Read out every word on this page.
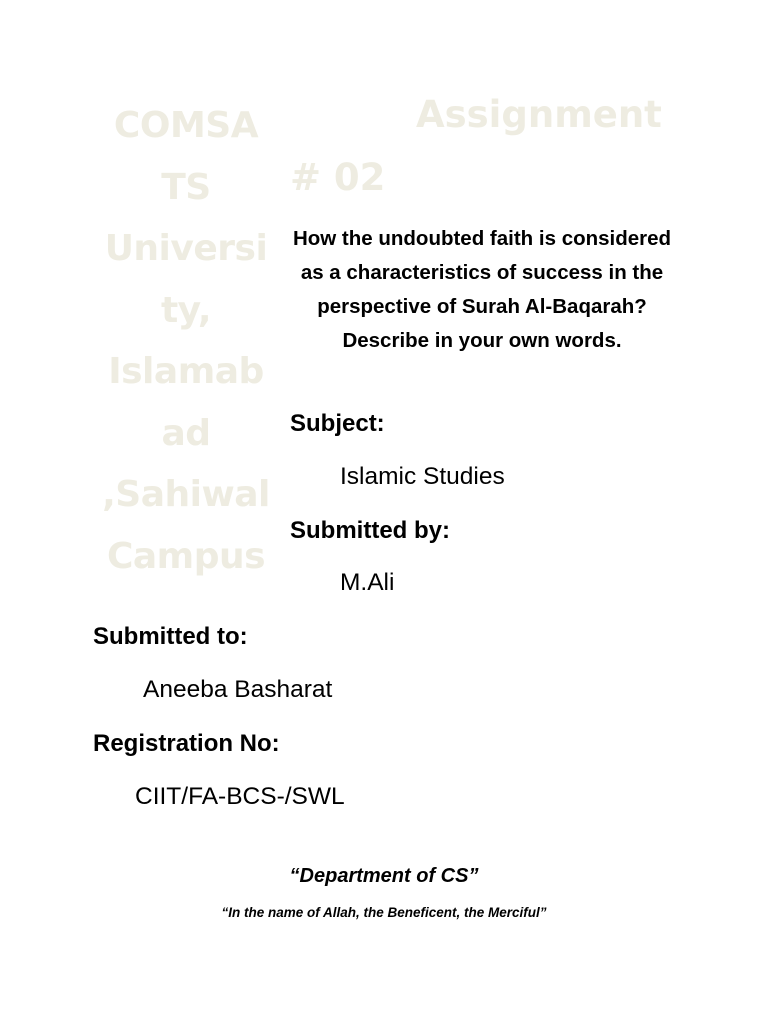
COMSA
TS
Universi
ty,
Islamab
ad
,Sahiwal
Campus
Assignment
# 02
How the undoubted faith is considered as a characteristics of success in the perspective of Surah Al-Baqarah? Describe in your own words.
Subject:
Islamic Studies
Submitted by:
M.Ali
Submitted to:
Aneeba Basharat
Registration No:
CIIT/FA-BCS-/SWL
“Department of CS”
“In the name of Allah, the Beneficent, the Merciful”
